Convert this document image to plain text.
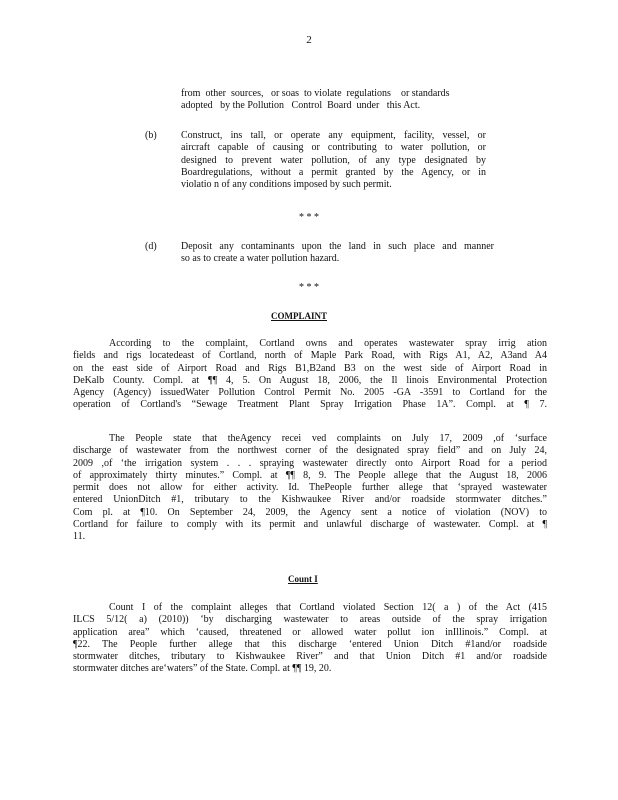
2
from  other  sources,   or soas  to violate  regulations    or standards
adopted   by the Pollution   Control  Board  under   this Act.
(b) Construct, ins tall, or operate any equipment, facility, vessel, or
aircraft capable of causing or contributing to water pollution, or
designed to prevent water pollution, of any type designated by
Boardregulations, without a permit granted by the Agency, or in
violatio n of any conditions imposed by such permit.
* * *
(d) Deposit any contaminants upon the land in such place and manner
so as to create a water pollution hazard.
* * *
COMPLAINT
According to the complaint, Cortland owns and operates wastewater spray irrig ation
fields and rigs locatedeast of Cortland, north of Maple Park Road, with Rigs A1, A2, A3and A4
on the east side of Airport Road and Rigs B1,B2and B3 on the west side of Airport Road in
DeKalb County. Compl. at ¶¶ 4, 5. On August 18, 2006, the Il linois Environmental Protection
Agency (Agency) issuedWater Pollution Control Permit No. 2005 -GA -3591 to Cortland for the
operation of Cortland's “Sewage Treatment Plant Spray Irrigation Phase 1A”. Compl. at ¶ 7.
The People state that theAgency recei ved complaints on July 17, 2009 ,of ‘surface
discharge of wastewater from the northwest corner of the designated spray field” and on July 24,
2009 ,of ‘the irrigation system . . . spraying wastewater directly onto Airport Road for a period
of approximately thirty minutes.” Compl. at ¶¶ 8, 9. The People allege that the August 18, 2006
permit does not allow for either activity. Id. ThePeople further allege that ‘sprayed wastewater
entered UnionDitch #1, tributary to the Kishwaukee River and/or roadside stormwater ditches.”
Com pl. at ¶10. On September 24, 2009, the Agency sent a notice of violation (NOV) to
Cortland for failure to comply with its permit and unlawful discharge of wastewater. Compl. at ¶
11.
Count I
Count I of the complaint alleges that Cortland violated Section 12( a ) of the Act (415
ILCS 5/12( a) (2010)) ‘by discharging wastewater to areas outside of the spray irrigation
application area” which ‘caused, threatened or allowed water pollut ion inIllinois.” Compl. at
¶22. The People further allege that this discharge ‘entered Union Ditch #1and/or roadside
stormwater ditches, tributary to Kishwaukee River” and that Union Ditch #1 and/or roadside
stormwater ditches are‘waters” of the State. Compl. at ¶¶ 19, 20.
